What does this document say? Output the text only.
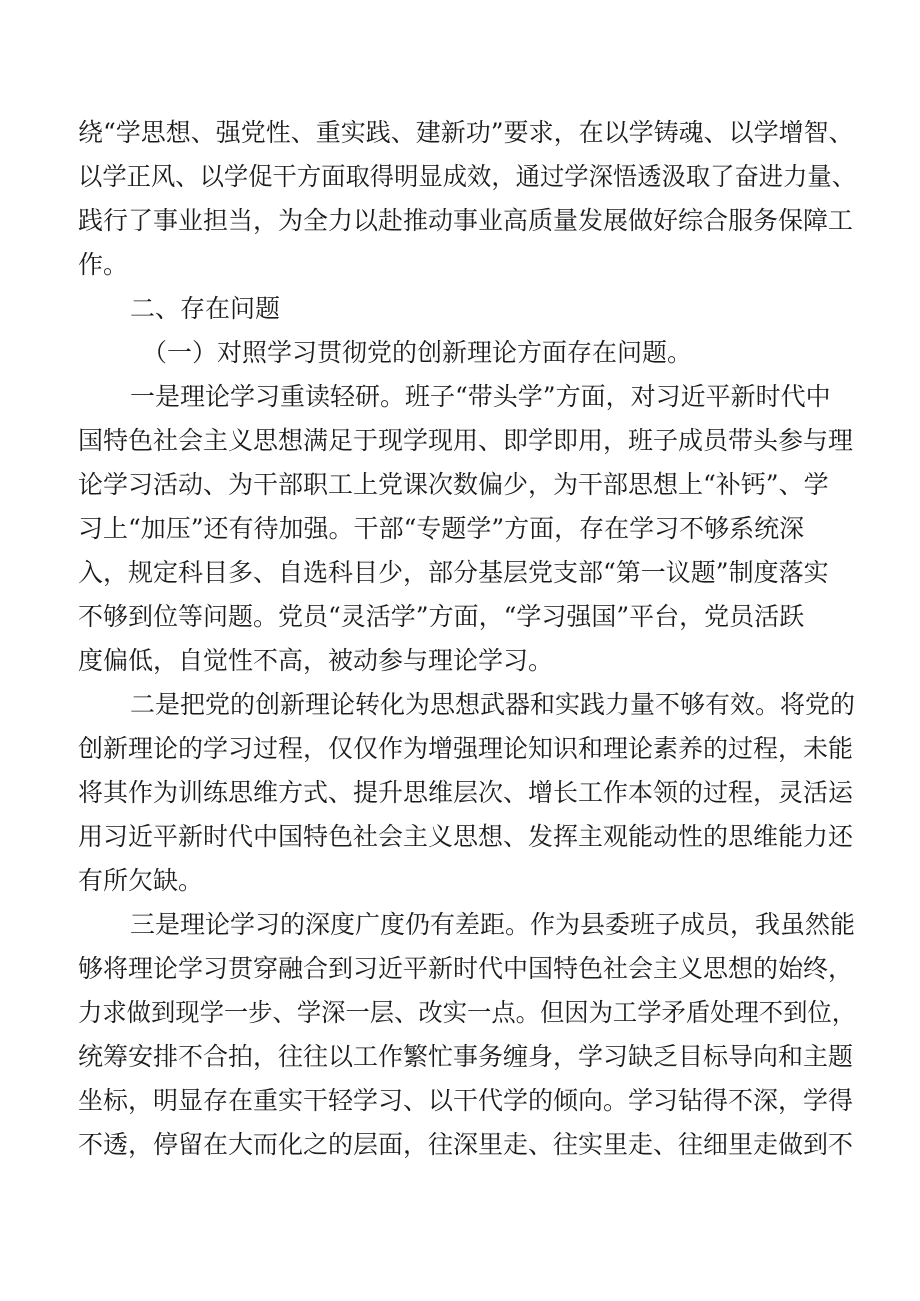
绕“学思想、强党性、重实践、建新功”要求，在以学铸魂、以学增智、
以学正风、以学促干方面取得明显成效，通过学深悟透汲取了奋进力量、
践行了事业担当，为全力以赴推动事业高质量发展做好综合服务保障工
作。
二、存在问题
（一）对照学习贯彻党的创新理论方面存在问题。
一是理论学习重读轻研。班子“带头学”方面，对习近平新时代中
国特色社会主义思想满足于现学现用、即学即用，班子成员带头参与理
论学习活动、为干部职工上党课次数偏少，为干部思想上“补钙”、学
习上“加压”还有待加强。干部“专题学”方面，存在学习不够系统深
入，规定科目多、自选科目少，部分基层党支部“第一议题”制度落实
不够到位等问题。党员“灵活学”方面，“学习强国”平台，党员活跃
度偏低，自觉性不高，被动参与理论学习。
二是把党的创新理论转化为思想武器和实践力量不够有效。将党的
创新理论的学习过程，仅仅作为增强理论知识和理论素养的过程，未能
将其作为训练思维方式、提升思维层次、增长工作本领的过程，灵活运
用习近平新时代中国特色社会主义思想、发挥主观能动性的思维能力还
有所欠缺。
三是理论学习的深度广度仍有差距。作为县委班子成员，我虽然能
够将理论学习贯穿融合到习近平新时代中国特色社会主义思想的始终，
力求做到现学一步、学深一层、改实一点。但因为工学矛盾处理不到位，
统筹安排不合拍，往往以工作繁忙事务缠身，学习缺乏目标导向和主题
坐标，明显存在重实干轻学习、以干代学的倾向。学习钻得不深，学得
不透，停留在大而化之的层面，往深里走、往实里走、往细里走做到不
